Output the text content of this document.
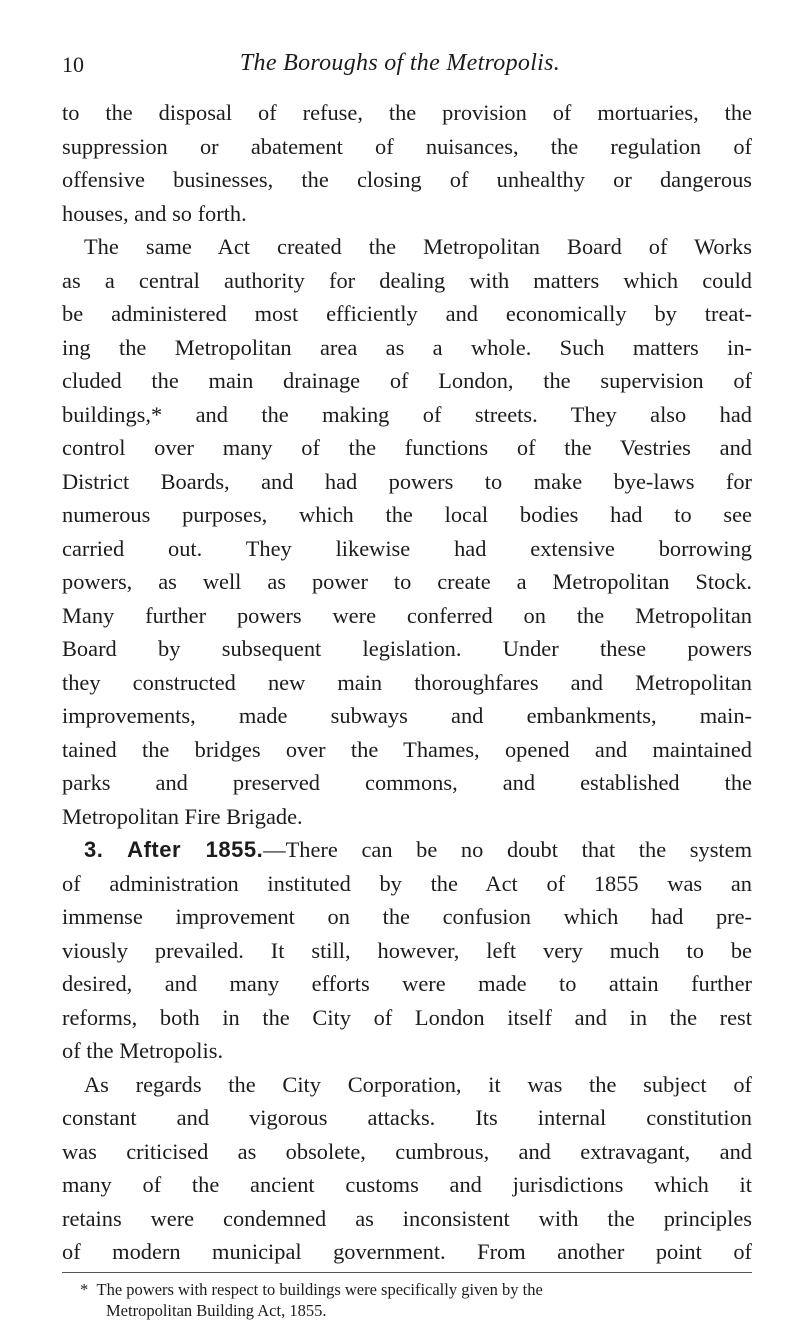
10	The Boroughs of the Metropolis.
to the disposal of refuse, the provision of mortuaries, the
suppression or abatement of nuisances, the regulation of
offensive businesses, the closing of unhealthy or dangerous
houses, and so forth.
The same Act created the Metropolitan Board of Works
as a central authority for dealing with matters which could
be administered most efficiently and economically by treat-
ing the Metropolitan area as a whole. Such matters in-
cluded the main drainage of London, the supervision of
buildings,* and the making of streets. They also had
control over many of the functions of the Vestries and
District Boards, and had powers to make bye-laws for
numerous purposes, which the local bodies had to see
carried out. They likewise had extensive borrowing
powers, as well as power to create a Metropolitan Stock.
Many further powers were conferred on the Metropolitan
Board by subsequent legislation. Under these powers
they constructed new main thoroughfares and Metropolitan
improvements, made subways and embankments, main-
tained the bridges over the Thames, opened and maintained
parks and preserved commons, and established the
Metropolitan Fire Brigade.
3. After 1855.—There can be no doubt that the system
of administration instituted by the Act of 1855 was an
immense improvement on the confusion which had pre-
viously prevailed. It still, however, left very much to be
desired, and many efforts were made to attain further
reforms, both in the City of London itself and in the rest
of the Metropolis.
As regards the City Corporation, it was the subject of
constant and vigorous attacks. Its internal constitution
was criticised as obsolete, cumbrous, and extravagant, and
many of the ancient customs and jurisdictions which it
retains were condemned as inconsistent with the principles
of modern municipal government. From another point of
* The powers with respect to buildings were specifically given by the
Metropolitan Building Act, 1855.
